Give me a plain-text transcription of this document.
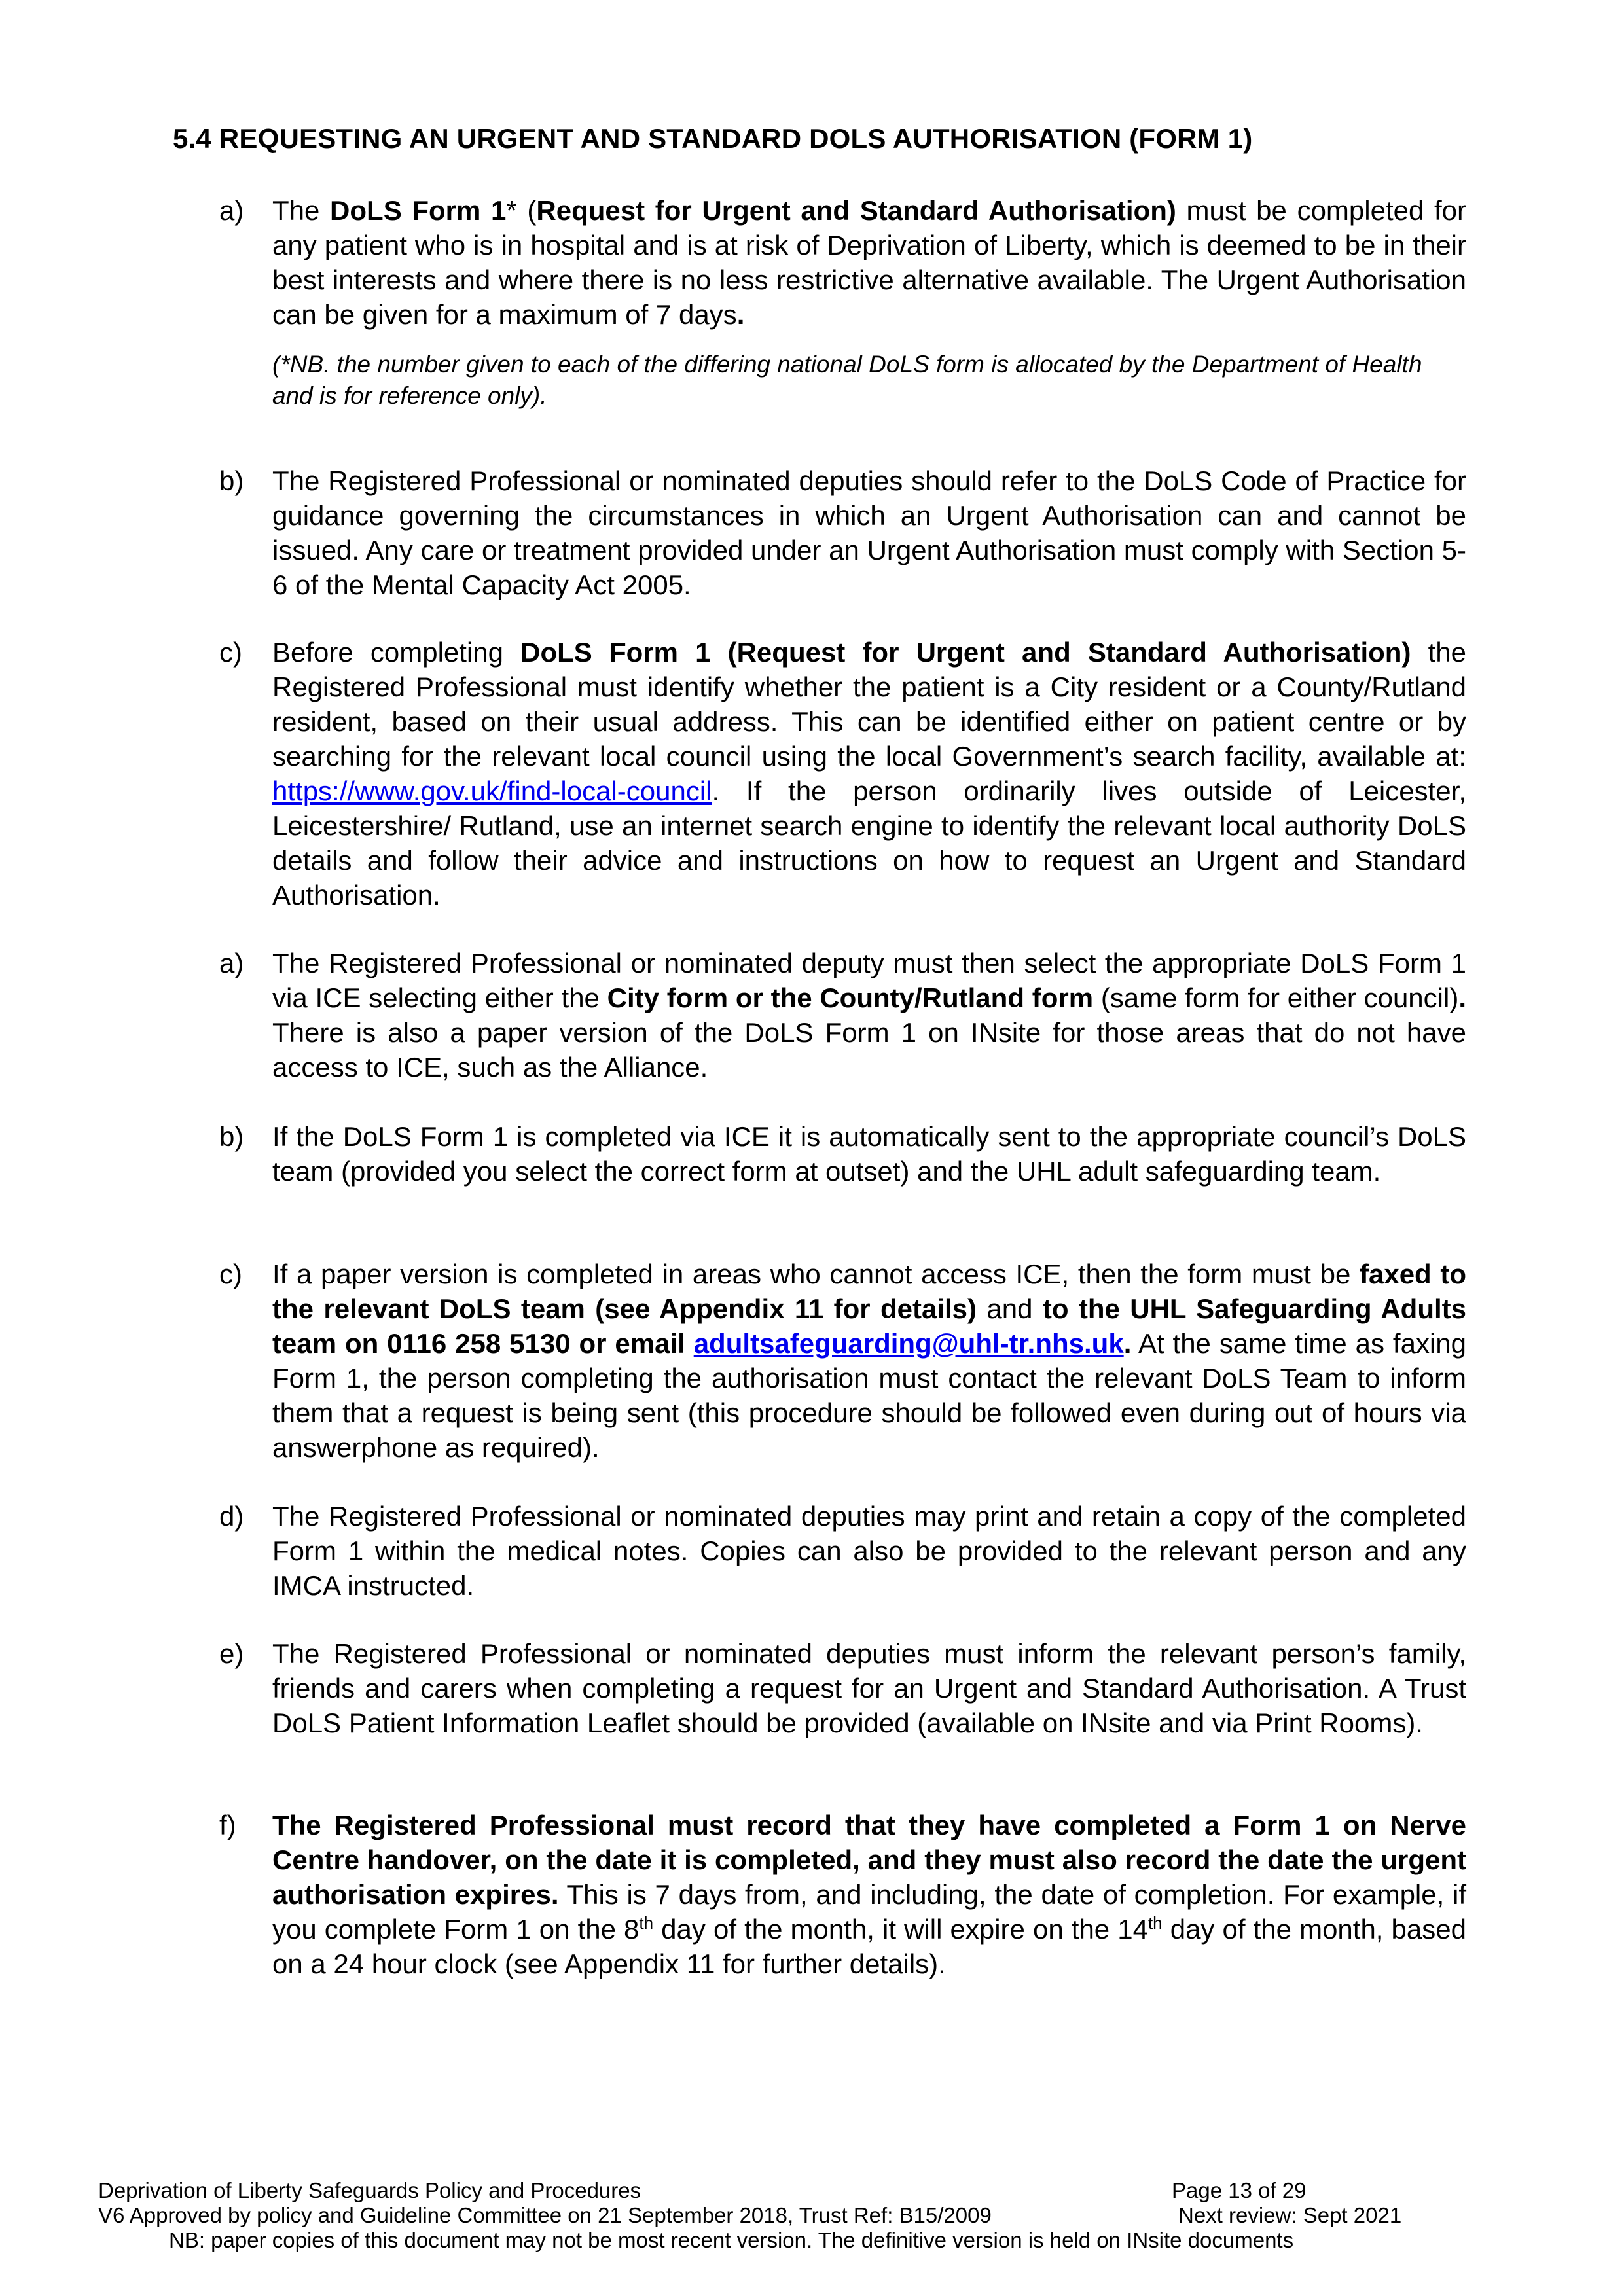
5.4 REQUESTING AN URGENT AND STANDARD DOLS AUTHORISATION (FORM 1)
a) The DoLS Form 1* (Request for Urgent and Standard Authorisation) must be completed for any patient who is in hospital and is at risk of Deprivation of Liberty, which is deemed to be in their best interests and where there is no less restrictive alternative available. The Urgent Authorisation can be given for a maximum of 7 days.
(*NB. the number given to each of the differing national DoLS form is allocated by the Department of Health and is for reference only).
b) The Registered Professional or nominated deputies should refer to the DoLS Code of Practice for guidance governing the circumstances in which an Urgent Authorisation can and cannot be issued. Any care or treatment provided under an Urgent Authorisation must comply with Section 5-6 of the Mental Capacity Act 2005.
c) Before completing DoLS Form 1 (Request for Urgent and Standard Authorisation) the Registered Professional must identify whether the patient is a City resident or a County/Rutland resident, based on their usual address. This can be identified either on patient centre or by searching for the relevant local council using the local Government’s search facility, available at: https://www.gov.uk/find-local-council. If the person ordinarily lives outside of Leicester, Leicestershire/ Rutland, use an internet search engine to identify the relevant local authority DoLS details and follow their advice and instructions on how to request an Urgent and Standard Authorisation.
a) The Registered Professional or nominated deputy must then select the appropriate DoLS Form 1 via ICE selecting either the City form or the County/Rutland form (same form for either council). There is also a paper version of the DoLS Form 1 on INsite for those areas that do not have access to ICE, such as the Alliance.
b) If the DoLS Form 1 is completed via ICE it is automatically sent to the appropriate council’s DoLS team (provided you select the correct form at outset) and the UHL adult safeguarding team.
c) If a paper version is completed in areas who cannot access ICE, then the form must be faxed to the relevant DoLS team (see Appendix 11 for details) and to the UHL Safeguarding Adults team on 0116 258 5130 or email adultsafeguarding@uhl-tr.nhs.uk. At the same time as faxing Form 1, the person completing the authorisation must contact the relevant DoLS Team to inform them that a request is being sent (this procedure should be followed even during out of hours via answerphone as required).
d) The Registered Professional or nominated deputies may print and retain a copy of the completed Form 1 within the medical notes. Copies can also be provided to the relevant person and any IMCA instructed.
e) The Registered Professional or nominated deputies must inform the relevant person’s family, friends and carers when completing a request for an Urgent and Standard Authorisation. A Trust DoLS Patient Information Leaflet should be provided (available on INsite and via Print Rooms).
f) The Registered Professional must record that they have completed a Form 1 on Nerve Centre handover, on the date it is completed, and they must also record the date the urgent authorisation expires. This is 7 days from, and including, the date of completion. For example, if you complete Form 1 on the 8th day of the month, it will expire on the 14th day of the month, based on a 24 hour clock (see Appendix 11 for further details).
Deprivation of Liberty Safeguards Policy and Procedures	Page 13 of 29
V6 Approved by policy and Guideline Committee on 21 September 2018, Trust Ref: B15/2009	Next review: Sept 2021
NB: paper copies of this document may not be most recent version. The definitive version is held on INsite documents
